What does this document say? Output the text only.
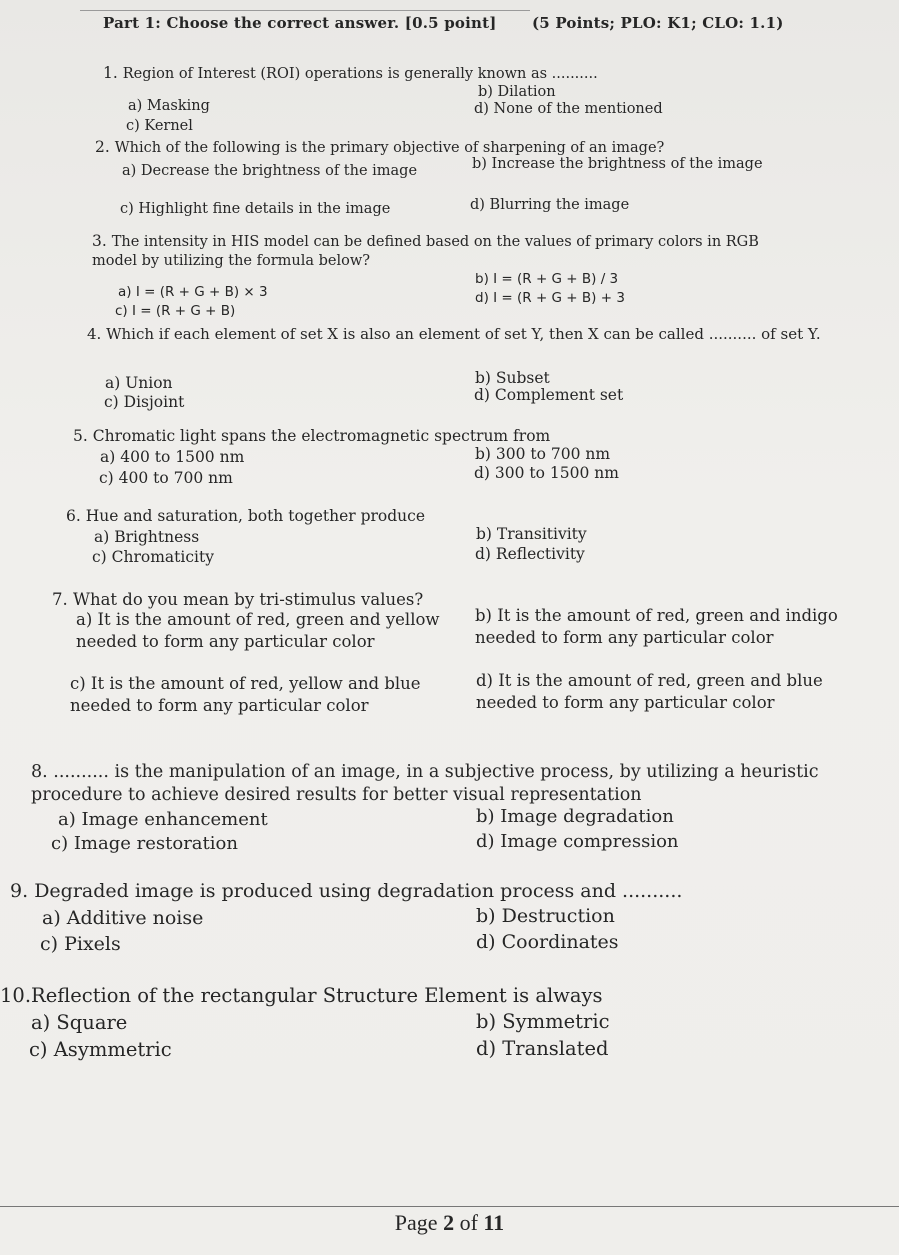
Part 1: Choose the correct answer. [0.5 point] (5 Points; PLO: K1; CLO: 1.1)
1. Region of Interest (ROI) operations is generally known as ..........
a) Masking
b) Dilation
c) Kernel
d) None of the mentioned
2. Which of the following is the primary objective of sharpening of an image?
a) Decrease the brightness of the image	b) Increase the brightness of the image
c) Highlight fine details in the image	d) Blurring the image
3. The intensity in HIS model can be defined based on the values of primary colors in RGB model by utilizing the formula below?
a) I = (R + G + B) × 3
b) I = (R + G + B) / 3
c) I = (R + G + B)
d) I = (R + G + B) + 3
4. Which if each element of set X is also an element of set Y, then X can be called .......... of set Y.
a) Union	b) Subset
c) Disjoint	d) Complement set
5. Chromatic light spans the electromagnetic spectrum from
a) 400 to 1500 nm	b) 300 to 700 nm
c) 400 to 700 nm	d) 300 to 1500 nm
6. Hue and saturation, both together produce
a) Brightness	b) Transitivity
c) Chromaticity	d) Reflectivity
7. What do you mean by tri-stimulus values?
a) It is the amount of red, green and yellow needed to form any particular color
b) It is the amount of red, green and indigo needed to form any particular color
c) It is the amount of red, yellow and blue needed to form any particular color
d) It is the amount of red, green and blue needed to form any particular color
8. .......... is the manipulation of an image, in a subjective process, by utilizing a heuristic procedure to achieve desired results for better visual representation
a) Image enhancement	b) Image degradation
c) Image restoration	d) Image compression
9. Degraded image is produced using degradation process and ..........
a) Additive noise	b) Destruction
c) Pixels	d) Coordinates
10.Reflection of the rectangular Structure Element is always
a) Square	b) Symmetric
c) Asymmetric	d) Translated
Page 2 of 11
